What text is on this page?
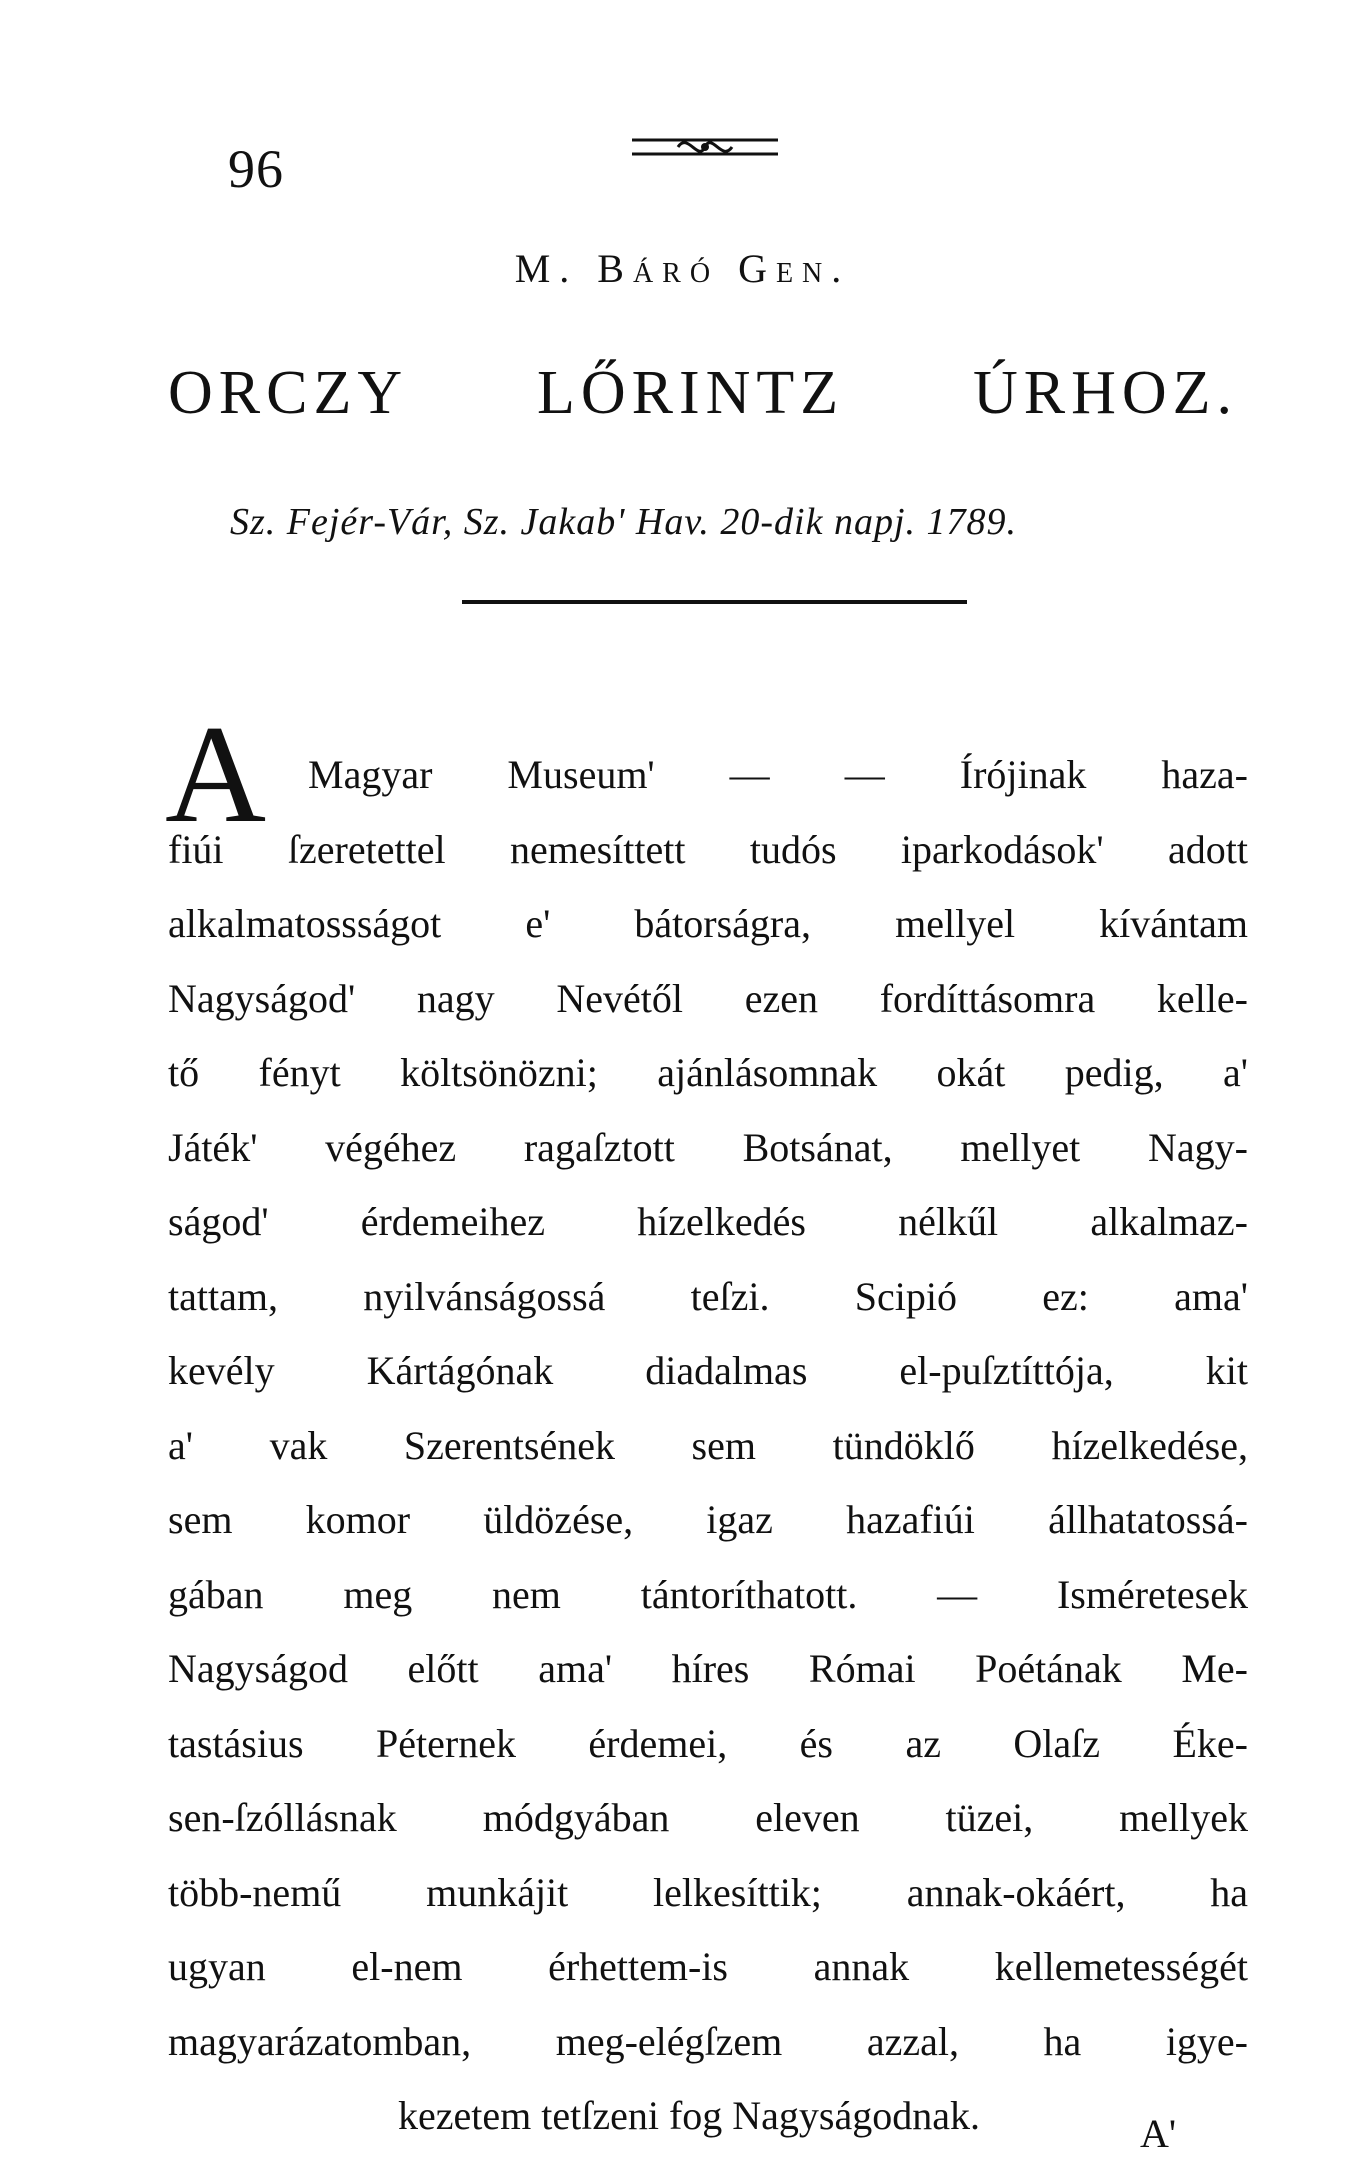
96
M. Báró Gen.
ORCZY LŐRINTZ ÚRHOZ.
Sz. Fejér-Vár, Sz. Jakab' Hav. 20-dik napj. 1789.
A	Magyar Museum' — — Írójinak haza-
fiúi ſzeretettel nemesíttett tudós iparkodások' adott
alkalmatossságot e' bátorságra, mellyel kívántam
Nagyságod' nagy Nevétől ezen fordíttásomra kelle-
tő fényt költsönözni; ajánlásomnak okát pedig, a'
Játék' végéhez ragaſztott Botsánat, mellyet Nagy-
ságod' érdemeihez hízelkedés nélkűl alkalmaz-
tattam, nyilvánságossá teſzi. Scipió ez: ama'
kevély Kártágónak diadalmas el-puſztíttója, kit
a' vak Szerentsének sem tündöklő hízelkedése,
sem komor üldözése, igaz hazafiúi állhatatossá-
gában meg nem tántoríthatott. — Isméretesek
Nagyságod előtt ama' híres Római Poétának Me-
tastásius Péternek érdemei, és az Olaſz Éke-
sen-ſzóllásnak módgyában eleven tüzei, mellyek
több-nemű munkájit lelkesíttik; annak-okáért, ha
ugyan el-nem érhettem-is annak kellemetességét
magyarázatomban, meg-elégſzem azzal, ha igye-
kezetem tetſzeni fog Nagyságodnak.	A'
